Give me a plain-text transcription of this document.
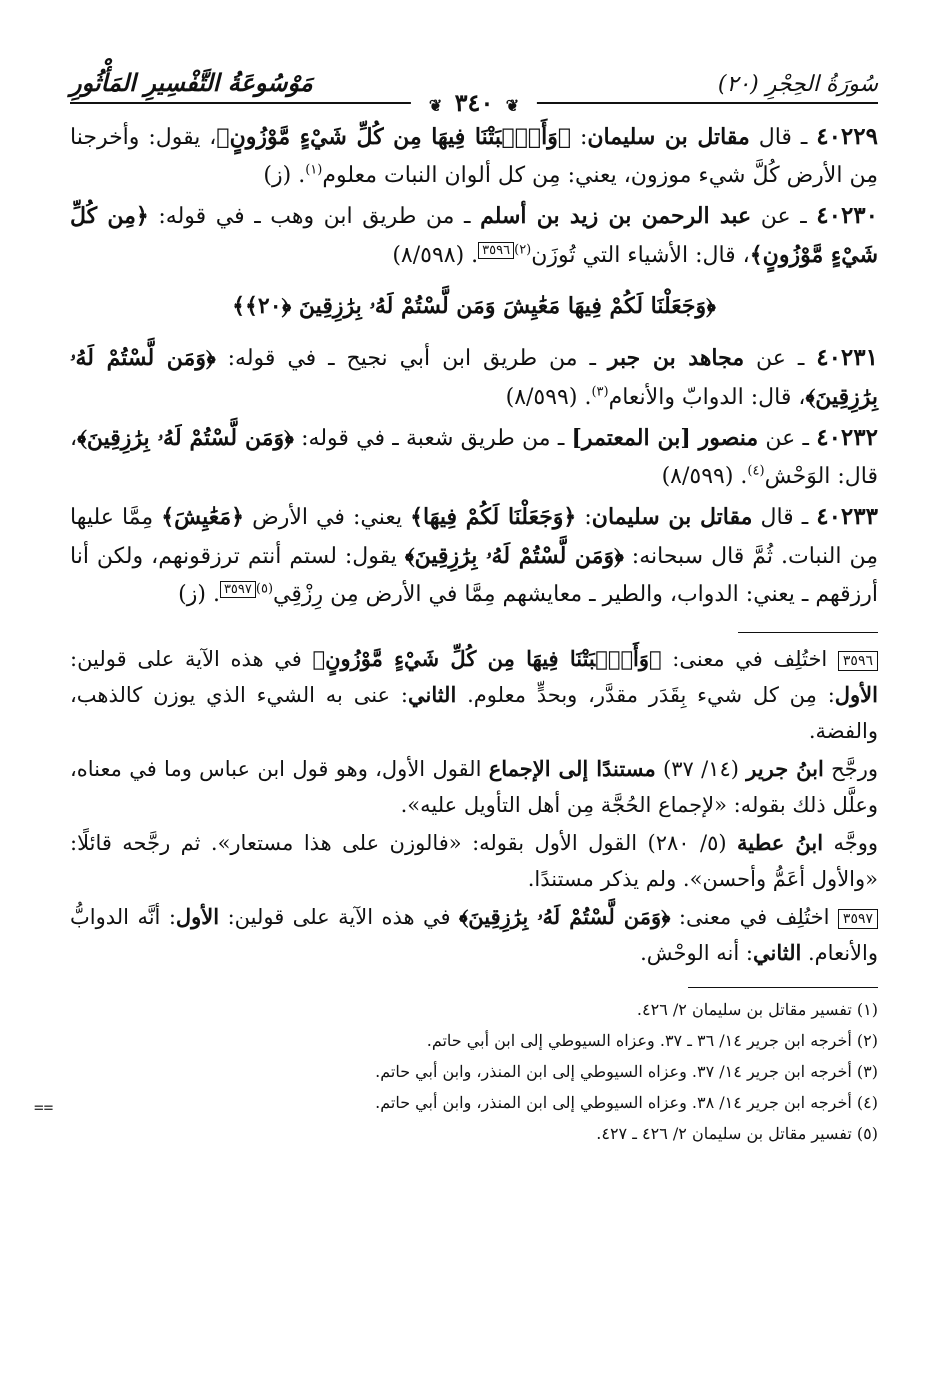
سُورَةُ الحِجْرِ (٢٠)
مَوْسُوعَةُ التَّفْسِيرِ المَأْثُورِ
❦ ٣٤٠ ❦

٤٠٢٢٩ ـ قال مقاتل بن سليمان: ﴿وَأَنْۢبَتْنَا فِيهَا مِن كُلِّ شَيْءٍ مَّوْزُونٍ﴾، يقول: وأخرجنا مِن الأرض كُلَّ شيء موزون، يعني: مِن كل ألوان النبات معلوم$^{(١)}$. (ز)

٤٠٢٣٠ ـ عن عبد الرحمن بن زيد بن أسلم ـ من طريق ابن وهب ـ في قوله: ﴿مِن كُلِّ شَيْءٍ مَّوْزُونٍ﴾، قال: الأشياء التي تُوزَن$^{(٢)}$٣٥٩٦. (٨/٥٩٨)

﴿وَجَعَلْنَا لَكُمْ فِيهَا مَعَٰيِشَ وَمَن لَّسْتُمْ لَهُۥ بِرَٰزِقِينَ ﴿٢٠﴾﴾

٤٠٢٣١ ـ عن مجاهد بن جبر ـ من طريق ابن أبي نجيح ـ في قوله: ﴿وَمَن لَّسْتُمْ لَهُۥ بِرَٰزِقِينَ﴾، قال: الدوابّ والأنعام$^{(٣)}$. (٨/٥٩٩)

٤٠٢٣٢ ـ عن منصور [بن المعتمر] ـ من طريق شعبة ـ في قوله: ﴿وَمَن لَّسْتُمْ لَهُۥ بِرَٰزِقِينَ﴾، قال: الوَحْش$^{(٤)}$. (٨/٥٩٩)

٤٠٢٣٣ ـ قال مقاتل بن سليمان: ﴿وَجَعَلْنَا لَكُمْ فِيهَا﴾ يعني: في الأرض ﴿مَعَٰيِشَ﴾ مِمَّا عليها مِن النبات. ثُمَّ قال سبحانه: ﴿وَمَن لَّسْتُمْ لَهُۥ بِرَٰزِقِينَ﴾ يقول: لستم أنتم ترزقونهم، ولكن أنا أرزقهم ـ يعني: الدواب، والطير ـ معايشهم مِمَّا في الأرض مِن رِزْقِي$^{(٥)}$٣٥٩٧. (ز)

٣٥٩٦ اختُلِف في معنى: ﴿وَأَنْۢبَتْنَا فِيهَا مِن كُلِّ شَيْءٍ مَّوْزُونٍ﴾ في هذه الآية على قولين: الأول: مِن كل شيء بِقَدَر مقدَّر، وبحدٍّ معلوم. الثاني: عنى به الشيء الذي يوزن كالذهب، والفضة.

ورجَّح ابنُ جرير (١٤/ ٣٧) مستندًا إلى الإجماع القول الأول، وهو قول ابن عباس وما في معناه، وعلَّل ذلك بقوله: «لإجماع الحُجَّة مِن أهل التأويل عليه».

ووجَّه ابنُ عطية (٥/ ٢٨٠) القول الأول بقوله: «فالوزن على هذا مستعار». ثم رجَّحه قائلًا: «والأول أعَمُّ وأحسن». ولم يذكر مستندًا.

٣٥٩٧ اختُلِف في معنى: ﴿وَمَن لَّسْتُمْ لَهُۥ بِرَٰزِقِينَ﴾ في هذه الآية على قولين: الأول: أنَّه الدوابُّ والأنعام. الثاني: أنه الوحْش.

(١) تفسير مقاتل بن سليمان ٢/ ٤٢٦.

(٢) أخرجه ابن جرير ١٤/ ٣٦ ـ ٣٧. وعزاه السيوطي إلى ابن أبي حاتم.

(٣) أخرجه ابن جرير ١٤/ ٣٧. وعزاه السيوطي إلى ابن المنذر، وابن أبي حاتم.

(٤) أخرجه ابن جرير ١٤/ ٣٨. وعزاه السيوطي إلى ابن المنذر، وابن أبي حاتم.

(٥) تفسير مقاتل بن سليمان ٢/ ٤٢٦ ـ ٤٢٧.

==
